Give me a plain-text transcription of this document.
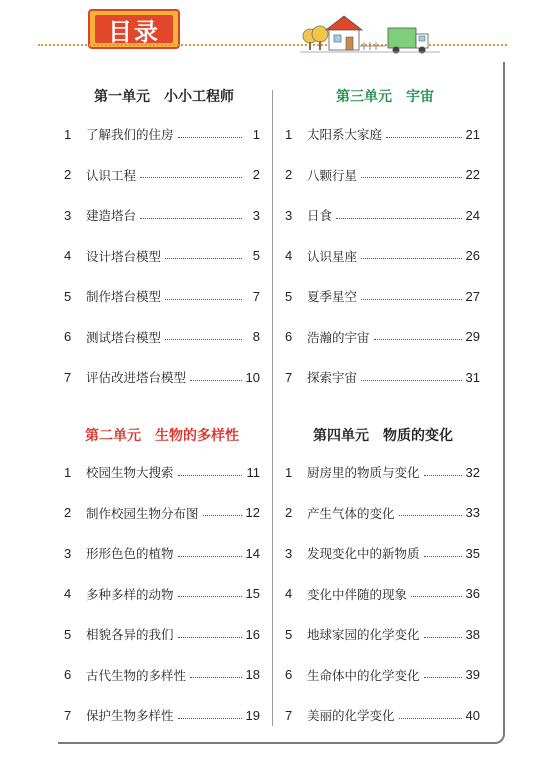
目录
第一单元　小小工程师
1	了解我们的住房	1
2	认识工程	2
3	建造塔台	3
4	设计塔台模型	5
5	制作塔台模型	7
6	测试塔台模型	8
7	评估改进塔台模型	10
第二单元　生物的多样性
1	校园生物大搜索	11
2	制作校园生物分布图	12
3	形形色色的植物	14
4	多种多样的动物	15
5	相貌各异的我们	16
6	古代生物的多样性	18
7	保护生物多样性	19
第三单元　宇宙
1	太阳系大家庭	21
2	八颗行星	22
3	日食	24
4	认识星座	26
5	夏季星空	27
6	浩瀚的宇宙	29
7	探索宇宙	31
第四单元　物质的变化
1	厨房里的物质与变化	32
2	产生气体的变化	33
3	发现变化中的新物质	35
4	变化中伴随的现象	36
5	地球家园的化学变化	38
6	生命体中的化学变化	39
7	美丽的化学变化	40
